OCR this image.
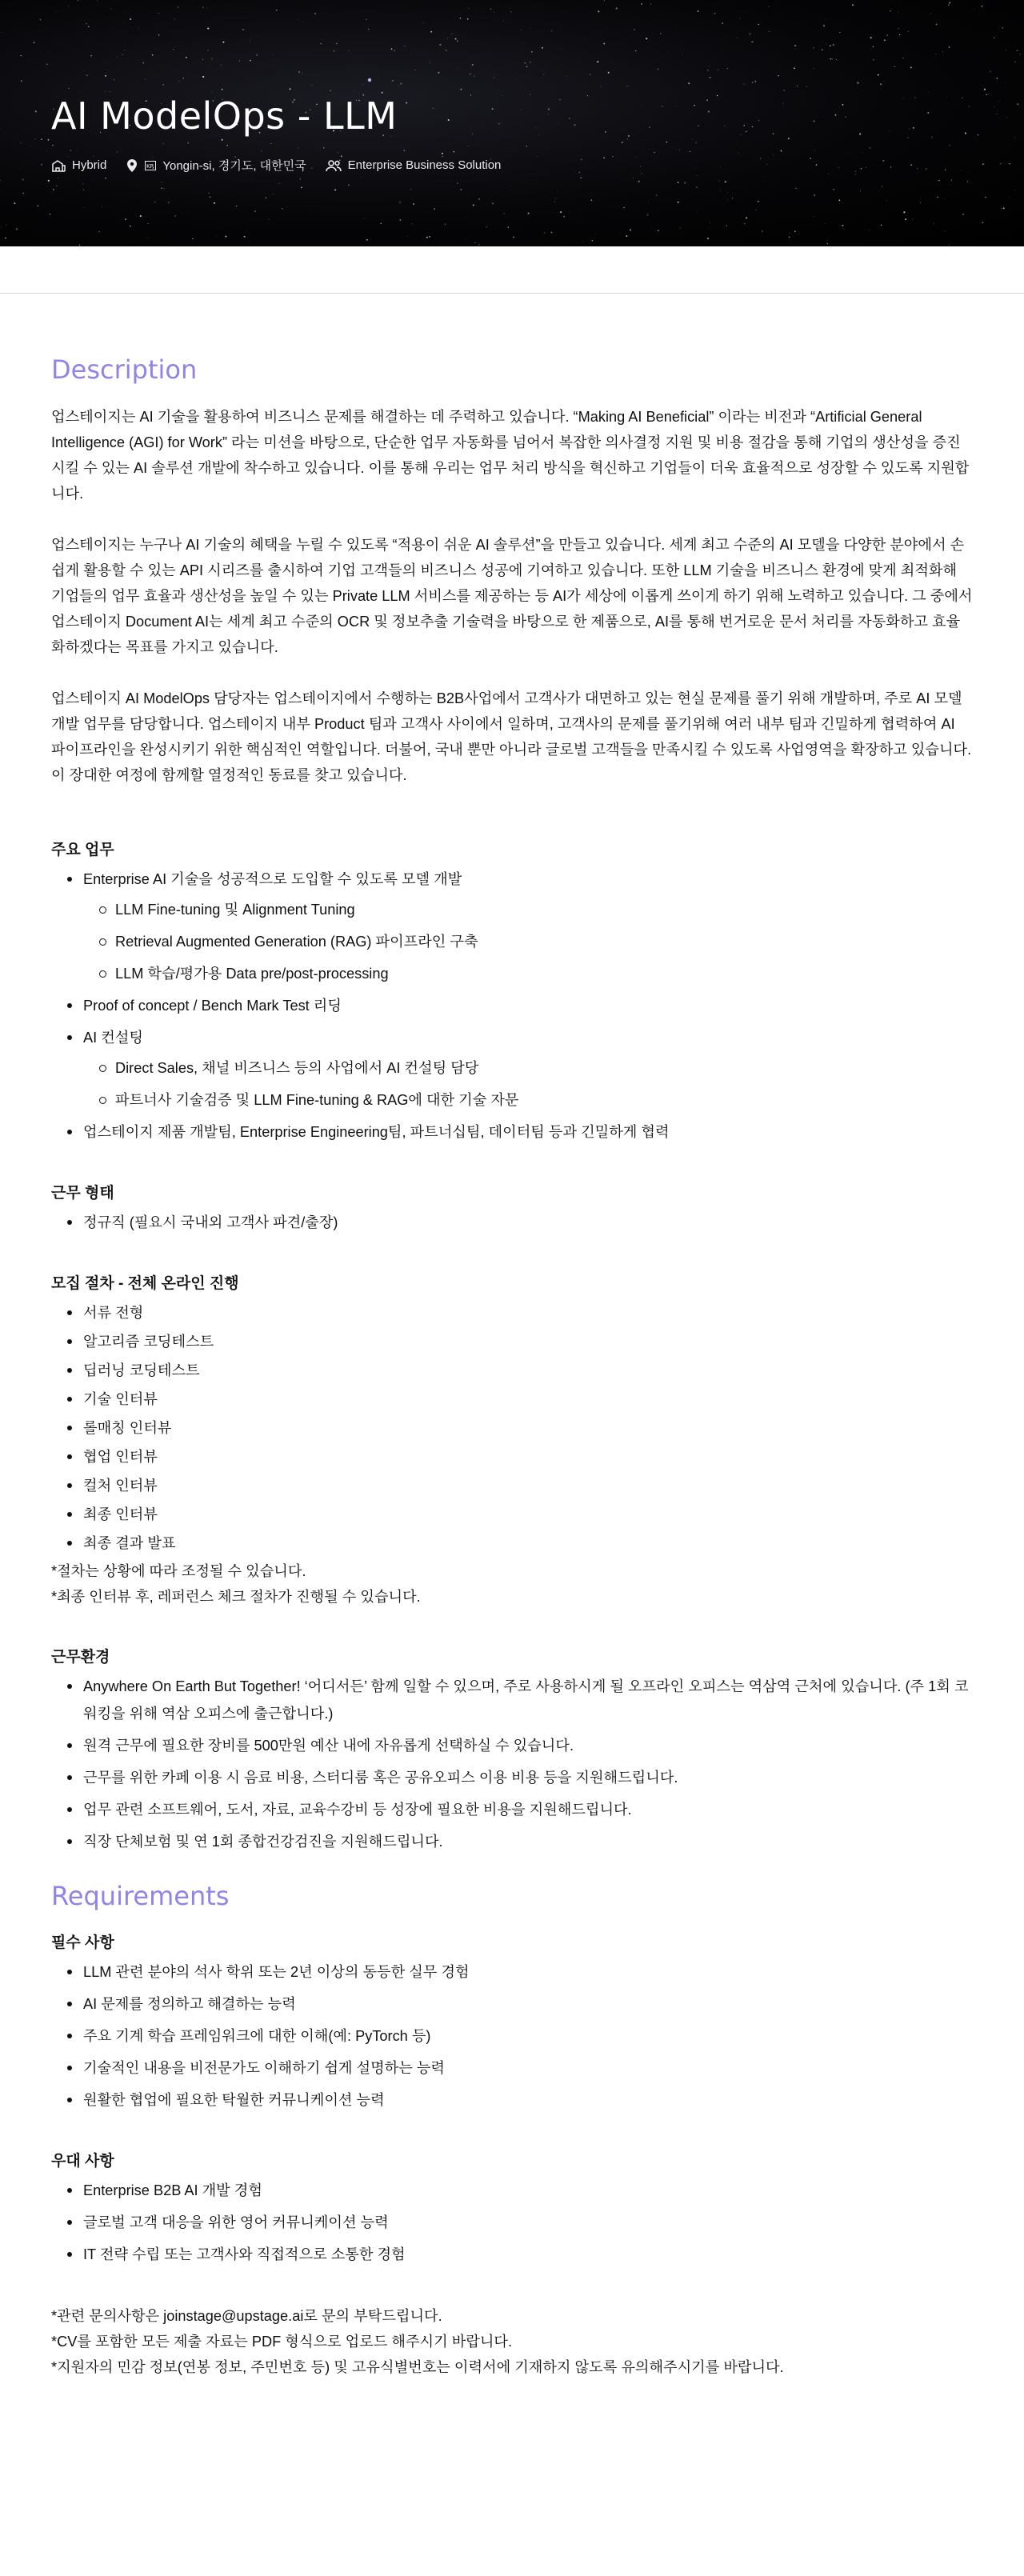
AI ModelOps - LLM
Hybrid	KR Yongin-si, 경기도, 대한민국	Enterprise Business Solution
Description

업스테이지는 AI 기술을 활용하여 비즈니스 문제를 해결하는 데 주력하고 있습니다. “Making AI Beneficial” 이라는 비전과 “Artificial General Intelligence (AGI) for Work” 라는 미션을 바탕으로, 단순한 업무 자동화를 넘어서 복잡한 의사결정 지원 및 비용 절감을 통해 기업의 생산성을 증진시킬 수 있는 AI 솔루션 개발에 착수하고 있습니다. 이를 통해 우리는 업무 처리 방식을 혁신하고 기업들이 더욱 효율적으로 성장할 수 있도록 지원합니다.

업스테이지는 누구나 AI 기술의 혜택을 누릴 수 있도록 “적용이 쉬운 AI 솔루션”을 만들고 있습니다. 세계 최고 수준의 AI 모델을 다양한 분야에서 손쉽게 활용할 수 있는 API 시리즈를 출시하여 기업 고객들의 비즈니스 성공에 기여하고 있습니다. 또한 LLM 기술을 비즈니스 환경에 맞게 최적화해 기업들의 업무 효율과 생산성을 높일 수 있는 Private LLM 서비스를 제공하는 등 AI가 세상에 이롭게 쓰이게 하기 위해 노력하고 있습니다. 그 중에서 업스테이지 Document AI는 세계 최고 수준의 OCR 및 정보추출 기술력을 바탕으로 한 제품으로, AI를 통해 번거로운 문서 처리를 자동화하고 효율화하겠다는 목표를 가지고 있습니다.

업스테이지 AI ModelOps 담당자는 업스테이지에서 수행하는 B2B사업에서 고객사가 대면하고 있는 현실 문제를 풀기 위해 개발하며, 주로 AI 모델 개발 업무를 담당합니다. 업스테이지 내부 Product 팀과 고객사 사이에서 일하며, 고객사의 문제를 풀기위해 여러 내부 팀과 긴밀하게 협력하여 AI 파이프라인을 완성시키기 위한 핵심적인 역할입니다. 더불어, 국내 뿐만 아니라 글로벌 고객들을 만족시킬 수 있도록 사업영역을 확장하고 있습니다. 이 장대한 여정에 함께할 열정적인 동료를 찾고 있습니다.

주요 업무
Enterprise AI 기술을 성공적으로 도입할 수 있도록 모델 개발
LLM Fine-tuning 및 Alignment Tuning
Retrieval Augmented Generation (RAG) 파이프라인 구축
LLM 학습/평가용 Data pre/post-processing
Proof of concept / Bench Mark Test 리딩
AI 컨설팅
Direct Sales, 채널 비즈니스 등의 사업에서 AI 컨설팅 담당
파트너사 기술검증 및 LLM Fine-tuning & RAG에 대한 기술 자문
업스테이지 제품 개발팀, Enterprise Engineering팀, 파트너십팀, 데이터팀 등과 긴밀하게 협력
근무 형태
정규직 (필요시 국내외 고객사 파견/출장)
모집 절차 - 전체 온라인 진행
서류 전형
알고리즘 코딩테스트
딥러닝 코딩테스트
기술 인터뷰
롤매칭 인터뷰
협업 인터뷰
컬처 인터뷰
최종 인터뷰
최종 결과 발표

*절차는 상황에 따라 조정될 수 있습니다.

*최종 인터뷰 후, 레퍼런스 체크 절차가 진행될 수 있습니다.

근무환경
Anywhere On Earth But Together! ‘어디서든’ 함께 일할 수 있으며, 주로 사용하시게 될 오프라인 오피스는 역삼역 근처에 있습니다. (주 1회 코워킹을 위해 역삼 오피스에 출근합니다.)
원격 근무에 필요한 장비를 500만원 예산 내에 자유롭게 선택하실 수 있습니다.
근무를 위한 카페 이용 시 음료 비용, 스터디룸 혹은 공유오피스 이용 비용 등을 지원해드립니다.
업무 관련 소프트웨어, 도서, 자료, 교육수강비 등 성장에 필요한 비용을 지원해드립니다.
직장 단체보험 및 연 1회 종합건강검진을 지원해드립니다.
Requirements
필수 사항
LLM 관련 분야의 석사 학위 또는 2년 이상의 동등한 실무 경험
AI 문제를 정의하고 해결하는 능력
주요 기계 학습 프레임워크에 대한 이해(예: PyTorch 등)
기술적인 내용을 비전문가도 이해하기 쉽게 설명하는 능력
원활한 협업에 필요한 탁월한 커뮤니케이션 능력
우대 사항
Enterprise B2B AI 개발 경험
글로벌 고객 대응을 위한 영어 커뮤니케이션 능력
IT 전략 수립 또는 고객사와 직접적으로 소통한 경험

*관련 문의사항은 joinstage@upstage.ai로 문의 부탁드립니다.

*CV를 포함한 모든 제출 자료는 PDF 형식으로 업로드 해주시기 바랍니다.

*지원자의 민감 정보(연봉 정보, 주민번호 등) 및 고유식별번호는 이력서에 기재하지 않도록 유의해주시기를 바랍니다.
